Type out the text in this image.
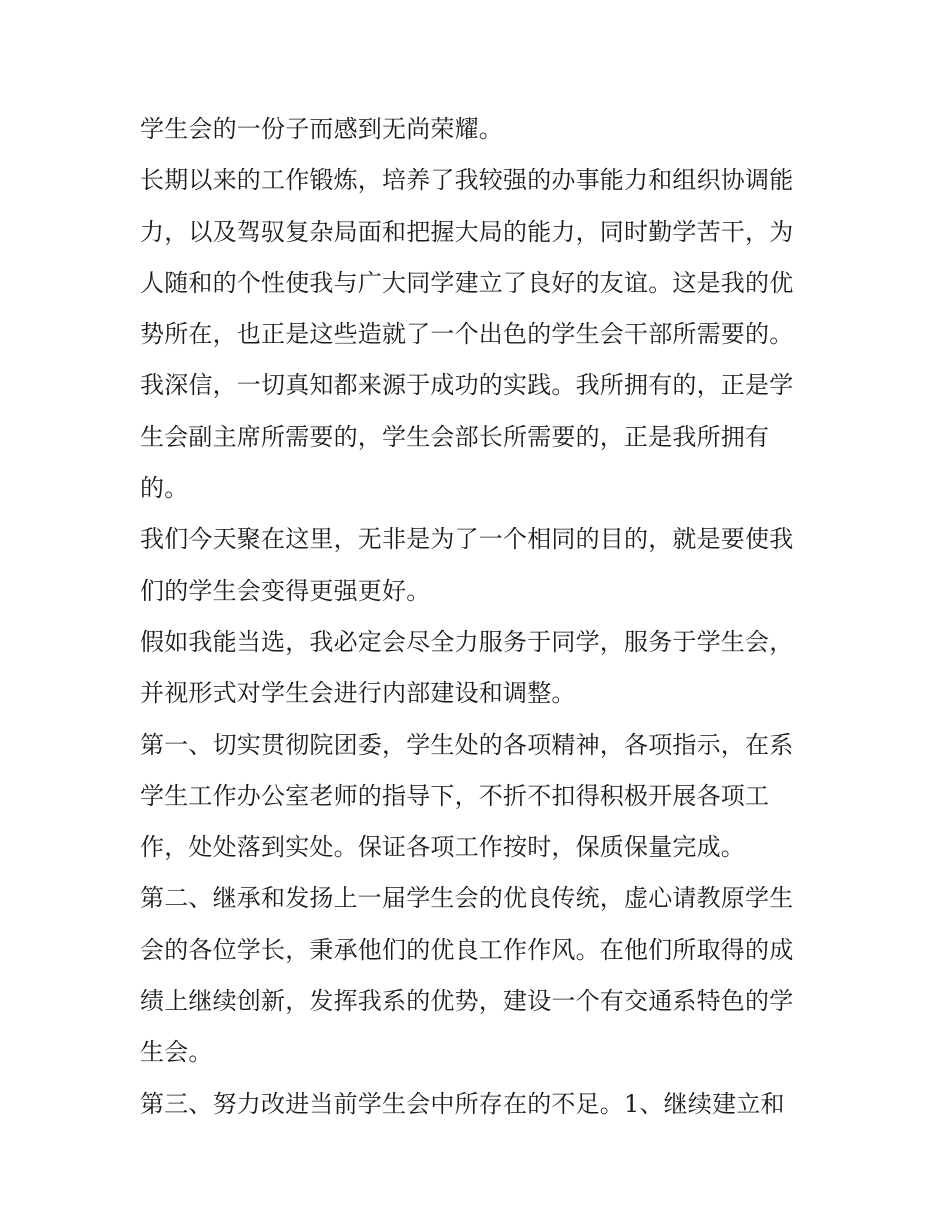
学生会的一份子而感到无尚荣耀。
长期以来的工作锻炼，培养了我较强的办事能力和组织协调能
力，以及驾驭复杂局面和把握大局的能力，同时勤学苦干，为
人随和的个性使我与广大同学建立了良好的友谊。这是我的优
势所在，也正是这些造就了一个出色的学生会干部所需要的。
我深信，一切真知都来源于成功的实践。我所拥有的，正是学
生会副主席所需要的，学生会部长所需要的，正是我所拥有
的。
我们今天聚在这里，无非是为了一个相同的目的，就是要使我
们的学生会变得更强更好。
假如我能当选，我必定会尽全力服务于同学，服务于学生会，
并视形式对学生会进行内部建设和调整。
第一、切实贯彻院团委，学生处的各项精神，各项指示，在系
学生工作办公室老师的指导下，不折不扣得积极开展各项工
作，处处落到实处。保证各项工作按时，保质保量完成。
第二、继承和发扬上一届学生会的优良传统，虚心请教原学生
会的各位学长，秉承他们的优良工作作风。在他们所取得的成
绩上继续创新，发挥我系的优势，建设一个有交通系特色的学
生会。
第三、努力改进当前学生会中所存在的不足。1、继续建立和
